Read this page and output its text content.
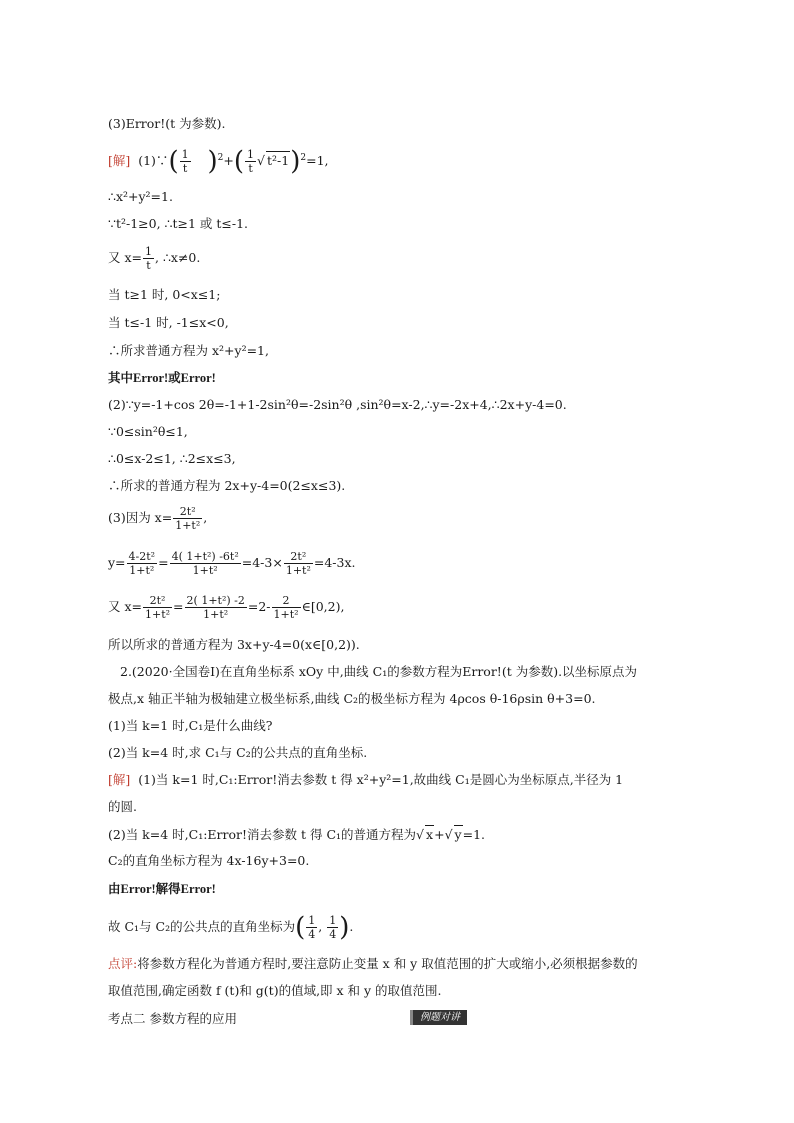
(3)Error!(t 为参数).
[解] (1)∵( $\frac{1}{t} )^2+( \frac{1}{t}$ √ t²-1)$^2$=1,
∴x²+y²=1.
∵t²-1≥0, ∴t≥1 或 t≤-1.
又 $x= \frac{1}{t}$ , ∴x≠0.
当 t≥1 时, 0<x≤1;
当 t≤-1 时, -1≤x<0,
∴所求普通方程为 x²+y²=1,
其中Error!或Error!
(2)∵y=-1+cos 2θ=-1+1-2sin²θ=-2sin²θ ,sin²θ=x-2,∴y=-2x+4,∴2x+y-4=0.
∵0≤sin²θ≤1,
∴0≤x-2≤1, ∴2≤x≤3,
∴所求的普通方程为 2x+y-4=0(2≤x≤3).
(3)因为 $x= \frac{\text{2t²}}{\text{1+t²}}$ ,
$y= \frac{\text{4-2t²}}{\text{1+t²}} = \frac{\text{4( 1+t²) -6t²}}{\text{1+t²}} =4-3\times \frac{\text{2t²}}{\text{1+t²}} =4-3x$.
又 $x= \frac{\text{2t²}}{\text{1+t²}} = \frac{\text{2( 1+t²) -2}}{\text{1+t²}} =2- \frac{2}{\text{1+t²}}$ ∈[0,2),
所以所求的普通方程为 3x+y-4=0(x∈[0,2)).
2.(2020·全国卷Ⅰ)在直角坐标系 xOy 中,曲线 C₁的参数方程为Error!(t 为参数).以坐标原点为
极点,x 轴正半轴为极轴建立极坐标系,曲线 C₂的极坐标方程为 4ρcos θ-16ρsin θ+3=0.
(1)当 k=1 时,C₁是什么曲线?
(2)当 k=4 时,求 C₁与 C₂的公共点的直角坐标.
[解] (1)当 k=1 时,C₁:Error!消去参数 t 得 x²+y²=1,故曲线 C₁是圆心为坐标原点,半径为 1
的圆.
(2)当 k=4 时,C₁:Error!消去参数 t 得 C₁的普通方程为√ x+√ y=1.
C₂的直角坐标方程为 4x-16y+3=0.
由Error!解得Error!
故 C₁与 C₂的公共点的直角坐标为( $\frac{1}{4}$ , $\frac{1}{4}$ ).
点评:将参数方程化为普通方程时,要注意防止变量 x 和 y 取值范围的扩大或缩小,必须根据参数的
取值范围,确定函数 f (t)和 g(t)的值域,即 x 和 y 的取值范围.
考点二 参数方程的应用	例题对讲
